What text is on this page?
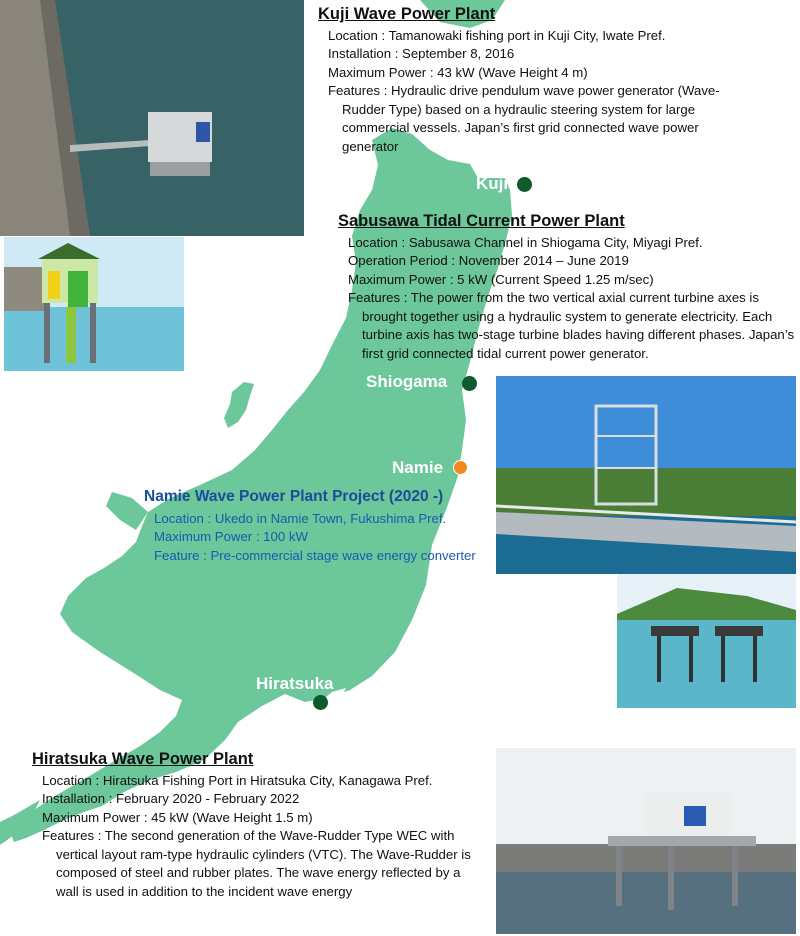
Kuji Wave Power Plant
Location : Tamanowaki fishing port in Kuji City, Iwate Pref.
Installation : September 8, 2016
Maximum Power : 43 kW (Wave Height 4 m)
Features : Hydraulic drive pendulum wave power generator (Wave-Rudder Type) based on a hydraulic steering system for large commercial vessels. Japan’s first grid connected wave power generator
Sabusawa Tidal Current Power Plant
Location : Sabusawa Channel in Shiogama City, Miyagi Pref.
Operation Period : November 2014 – June 2019
Maximum Power : 5 kW (Current Speed 1.25 m/sec)
Features : The power from the two vertical axial current turbine axes is brought together using a hydraulic system to generate electricity. Each turbine axis has two-stage turbine blades having different phases. Japan’s first grid connected tidal current power generator.
Namie Wave Power Plant Project (2020 -)
Location : Ukedo in Namie Town, Fukushima Pref.
Maximum Power : 100 kW
Feature : Pre-commercial stage wave energy converter
Hiratsuka Wave Power Plant
Location : Hiratsuka Fishing Port in Hiratsuka City, Kanagawa Pref.
Installation : February 2020 - February 2022
Maximum Power : 45 kW (Wave Height 1.5 m)
Features : The second generation of the Wave-Rudder Type WEC with vertical layout ram-type hydraulic cylinders (VTC). The Wave-Rudder is composed of steel and rubber plates. The wave energy reflected by a wall is used in addition to the incident wave energy
Kuji
Shiogama
Namie
Hiratsuka
